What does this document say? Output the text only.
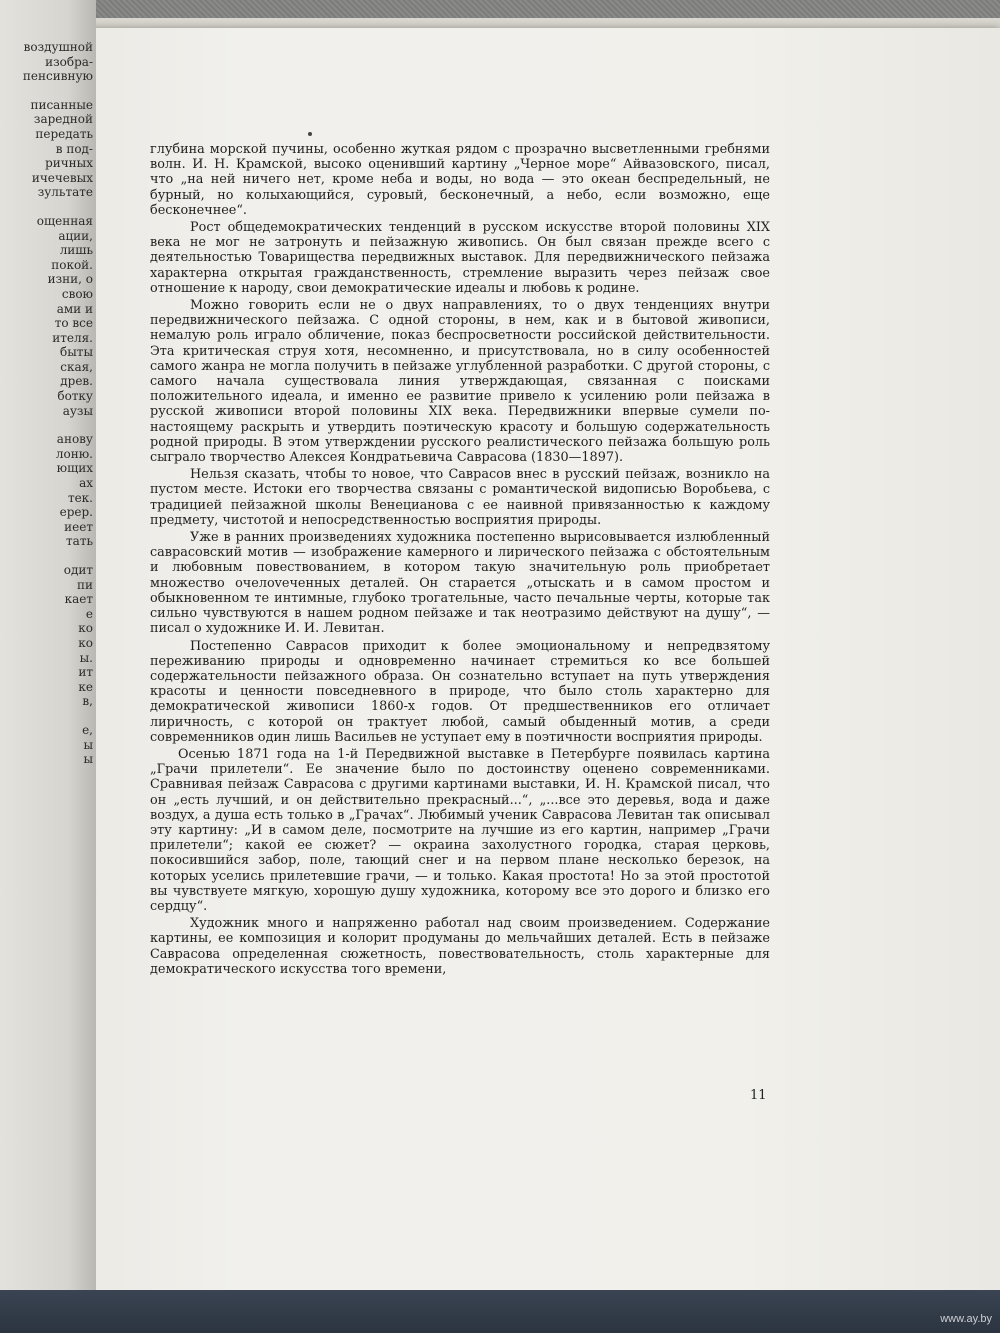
глубина морской пучины, особенно жуткая рядом с прозрачно высветленными гребнями волн. И. Н. Крамской, высоко оценивший картину „Черное море“ Айвазовского, писал, что „на ней ничего нет, кроме неба и воды, но вода — это океан беспредельный, не бурный, но колыхающийся, суровый, бесконечный, а небо, если возможно, еще бесконечнее“.

Рост общедемократических тенденций в русском искусстве второй половины XIX века не мог не затронуть и пейзажную живопись. Он был связан прежде всего с деятельностью Товарищества передвижных выставок. Для передвижнического пейзажа характерна открытая гражданственность, стремление выразить через пейзаж свое отношение к народу, свои демократические идеалы и любовь к родине.

Можно говорить если не о двух направлениях, то о двух тенденциях внутри передвижнического пейзажа. С одной стороны, в нем, как и в бытовой живописи, немалую роль играло обличение, показ беспросветности российской действительности. Эта критическая струя хотя, несомненно, и присутствовала, но в силу особенностей самого жанра не могла получить в пейзаже углубленной разработки. С другой стороны, с самого начала существовала линия утверждающая, связанная с поисками положительного идеала, и именно ее развитие привело к усилению роли пейзажа в русской живописи второй половины XIX века. Передвижники впервые сумели по-настоящему раскрыть и утвердить поэтическую красоту и большую содержательность родной природы. В этом утверждении русского реалистического пейзажа большую роль сыграло творчество Алексея Кондратьевича Саврасова (1830—1897).

Нельзя сказать, чтобы то новое, что Саврасов внес в русский пейзаж, возникло на пустом месте. Истоки его творчества связаны с романтической видописью Воробьева, с традицией пейзажной школы Венецианова с ее наивной привязанностью к каждому предмету, чистотой и непосредственностью восприятия природы.

Уже в ранних произведениях художника постепенно вырисовывается излюбленный саврасовский мотив — изображение камерного и лирического пейзажа с обстоятельным и любовным повествованием, в котором такую значительную роль приобретает множество очелovеченных деталей. Он старается „отыскать и в самом простом и обыкновенном те интимные, глубоко трогательные, часто печальные черты, которые так сильно чувствуются в нашем родном пейзаже и так неотразимо действуют на душу“, — писал о художнике И. И. Левитан.

Постепенно Саврасов приходит к более эмоциональному и непредвзятому переживанию природы и одновременно начинает стремиться ко все большей содержательности пейзажного образа. Он сознательно вступает на путь утверждения красоты и ценности повседневного в природе, что было столь характерно для демократической живописи 1860-х годов. От предшественников его отличает лиричность, с которой он трактует любой, самый обыденный мотив, а среди современников один лишь Васильев не уступает ему в поэтичности восприятия природы.

Осенью 1871 года на 1-й Передвижной выставке в Петербурге появилась картина „Грачи прилетели“. Ее значение было по достоинству оценено современниками. Сравнивая пейзаж Саврасова с другими картинами выставки, И. Н. Крамской писал, что он „есть лучший, и он действительно прекрасный...“, „...все это деревья, вода и даже воздух, а душа есть только в „Грачах“. Любимый ученик Саврасова Левитан так описывал эту картину: „И в самом деле, посмотрите на лучшие из его картин, например „Грачи прилетели“; какой ее сюжет? — окраина захолустного городка, старая церковь, покосившийся забор, поле, тающий снег и на первом плане несколько березок, на которых уселись прилетевшие грачи, — и только. Какая простота! Но за этой простотой вы чувствуете мягкую, хорошую душу художника, которому все это дорого и близко его сердцу“.

Художник много и напряженно работал над своим произведением. Содержание картины, ее композиция и колорит продуманы до мельчайших деталей. Есть в пейзаже Саврасова определенная сюжетность, повествовательность, столь характерные для демократического искусства того времени,

11
воздушной
изобра-
пенсивную
писанные
заредной
передать
в под-
ричных
ичечевых
зультате
ощенная
ации,
лишь
покой.
изни, о
свою
ами и
то все
ителя.
быты
ская,
древ.
ботку
аузы
анову
лоню.
ющих
ах
тек.
ерер.
иеет
тать
одит
пи
кает
е
ко
ко
ы.
ит
ке
в,
е,
ы
ы
www.ay.by
